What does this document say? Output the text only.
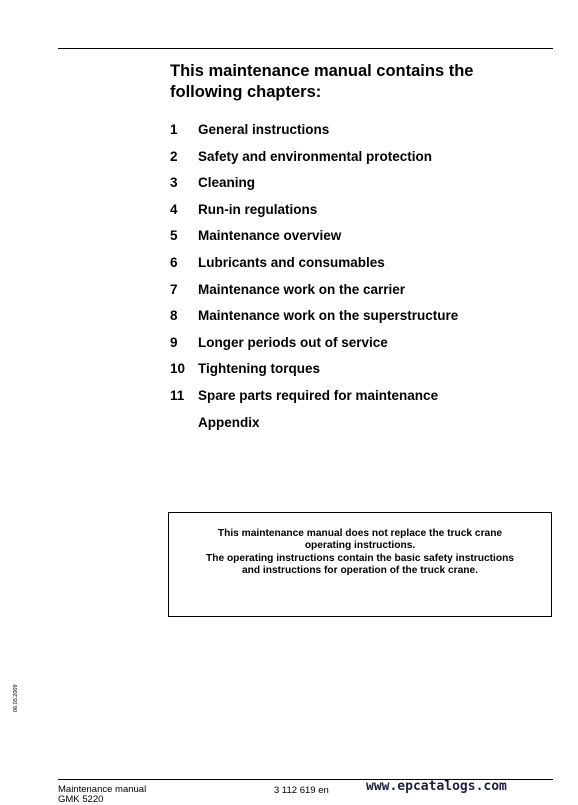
This maintenance manual contains the following chapters:
1	General instructions
2	Safety and environmental protection
3	Cleaning
4	Run-in regulations
5	Maintenance overview
6	Lubricants and consumables
7	Maintenance work on the carrier
8	Maintenance work on the superstructure
9	Longer periods out of service
10 Tightening torques
11	Spare parts required for maintenance
Appendix
This maintenance manual does not replace the truck crane
operating instructions.
The operating instructions contain the basic safety instructions
and instructions for operation of the truck crane.
06.05.2009
Maintenance manual
GMK 5220
3 112 619 en	www.epcatalogs.com
